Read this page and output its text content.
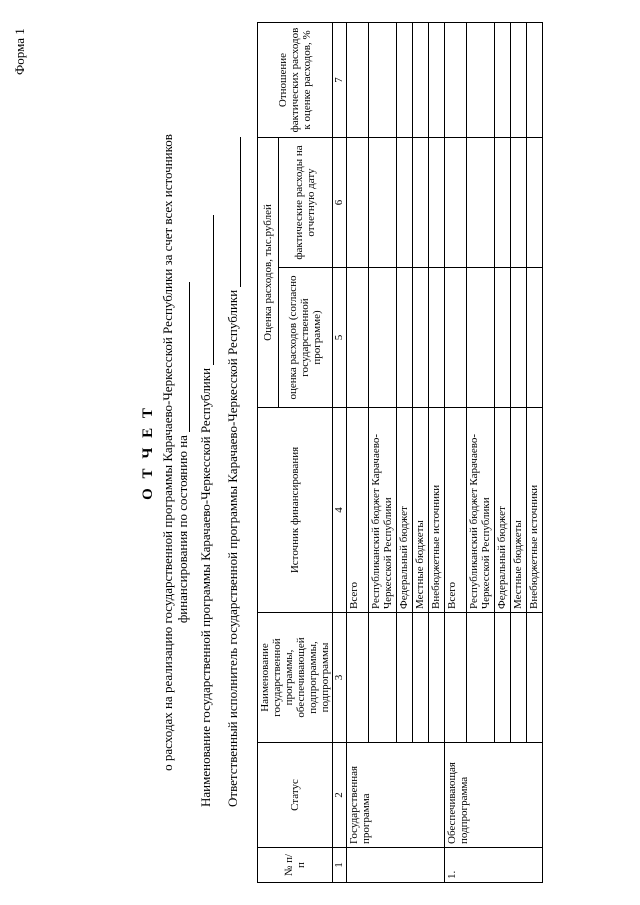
Форма 1
О Т Ч Е Т о расходах на реализацию государственной программы Карачаево-Черкесской Республики за счет всех источников финансирования по состоянию на Наименование государственной программы Карачаево-Черкесской Республики Ответственный исполнитель государственной программы Карачаево-Черкесской Республики
№ п/п	Статус	Наименование государственной программы, обеспечивающей подпрограммы, подпрограммы	Источник финансирования	Оценка расходов, тыс.рублей		Отношение фактических расходов к оценке расходов, %
				оценка расходов (согласно государственной программе)	фактические расходы на отчетную дату	
1	2	3	4	5	6	7
	Государственная программа		Всего			
			Республиканский бюджет Карачаево-Черкесской Республики			
			Федеральный бюджет			
			Местные бюджеты			
			Внебюджетные источники			
1.	Обеспечивающая подпрограмма		Всего			
			Республиканский бюджет Карачаево-Черкесской Республики			
			Федеральный бюджет			
			Местные бюджеты			
			Внебюджетные источники			
